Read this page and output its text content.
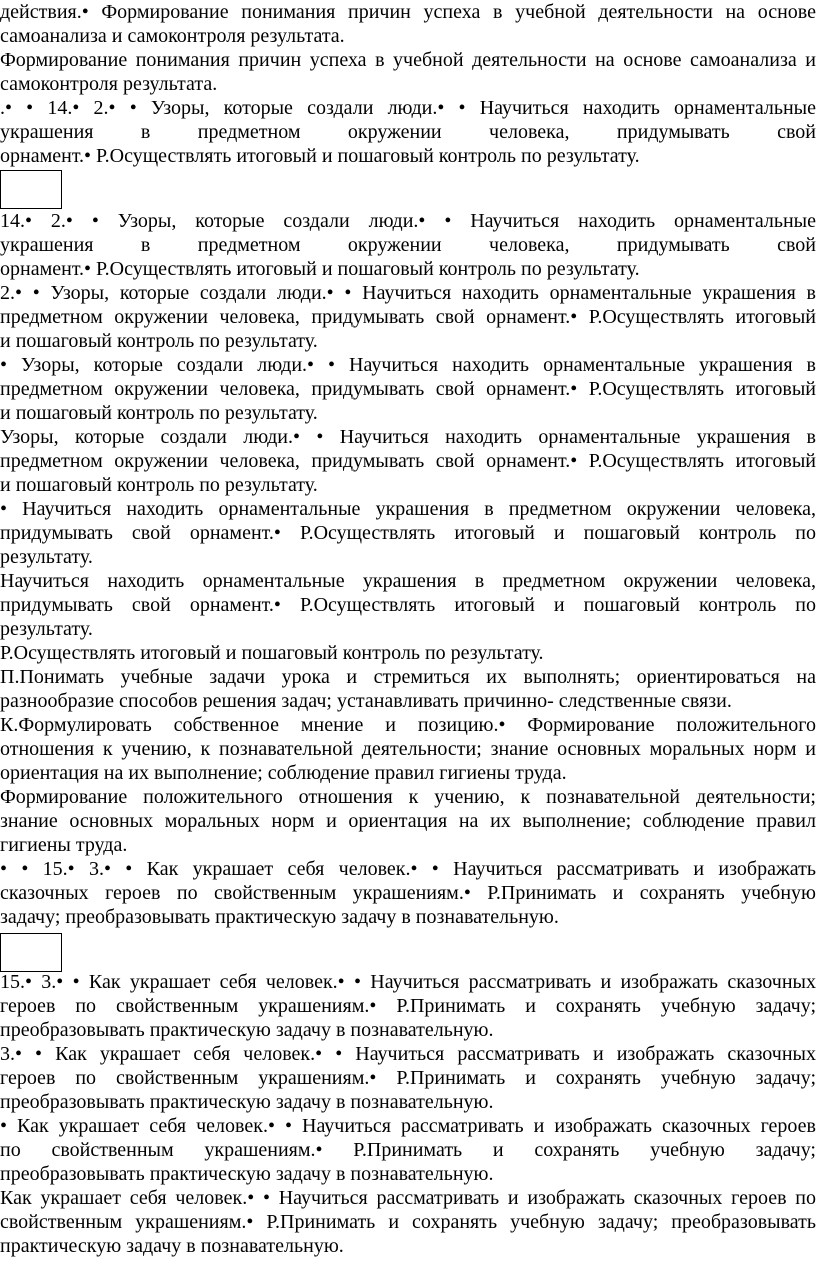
действия.• Формирование понимания причин успеха в учебной деятельности на основе
самоанализа и самоконтроля результата.
Формирование понимания причин успеха в учебной деятельности на основе самоанализа и
самоконтроля результата.
.• • 14.• 2.• • Узоры, которые создали люди.• • Научиться находить орнаментальные
украшения в предметном окружении человека, придумывать свой
орнамент.• Р.Осуществлять итоговый и пошаговый контроль по результату.
14.• 2.• • Узоры, которые создали люди.• • Научиться находить орнаментальные
украшения в предметном окружении человека, придумывать свой
орнамент.• Р.Осуществлять итоговый и пошаговый контроль по результату.
2.• • Узоры, которые создали люди.• • Научиться находить орнаментальные украшения в
предметном окружении человека, придумывать свой орнамент.• Р.Осуществлять итоговый
и пошаговый контроль по результату.
• Узоры, которые создали люди.• • Научиться находить орнаментальные украшения в
предметном окружении человека, придумывать свой орнамент.• Р.Осуществлять итоговый
и пошаговый контроль по результату.
Узоры, которые создали люди.• • Научиться находить орнаментальные украшения в
предметном окружении человека, придумывать свой орнамент.• Р.Осуществлять итоговый
и пошаговый контроль по результату.
• Научиться находить орнаментальные украшения в предметном окружении человека,
придумывать свой орнамент.• Р.Осуществлять итоговый и пошаговый контроль по
результату.
Научиться находить орнаментальные украшения в предметном окружении человека,
придумывать свой орнамент.• Р.Осуществлять итоговый и пошаговый контроль по
результату.
Р.Осуществлять итоговый и пошаговый контроль по результату.
П.Понимать учебные задачи урока и стремиться их выполнять; ориентироваться на
разнообразие способов решения задач; устанавливать причинно- следственные связи.
К.Формулировать собственное мнение и позицию.• Формирование положительного
отношения к учению, к познавательной деятельности; знание основных моральных норм и
ориентация на их выполнение; соблюдение правил гигиены труда.
Формирование положительного отношения к учению, к познавательной деятельности;
знание основных моральных норм и ориентация на их выполнение; соблюдение правил
гигиены труда.
• • 15.• 3.• • Как украшает себя человек.• • Научиться рассматривать и изображать
сказочных героев по свойственным украшениям.• Р.Принимать и сохранять учебную
задачу; преобразовывать практическую задачу в познавательную.
15.• 3.• • Как украшает себя человек.• • Научиться рассматривать и изображать сказочных
героев по свойственным украшениям.• Р.Принимать и сохранять учебную задачу;
преобразовывать практическую задачу в познавательную.
3.• • Как украшает себя человек.• • Научиться рассматривать и изображать сказочных
героев по свойственным украшениям.• Р.Принимать и сохранять учебную задачу;
преобразовывать практическую задачу в познавательную.
• Как украшает себя человек.• • Научиться рассматривать и изображать сказочных героев
по свойственным украшениям.• Р.Принимать и сохранять учебную задачу;
преобразовывать практическую задачу в познавательную.
Как украшает себя человек.• • Научиться рассматривать и изображать сказочных героев по
свойственным украшениям.• Р.Принимать и сохранять учебную задачу; преобразовывать
практическую задачу в познавательную.
